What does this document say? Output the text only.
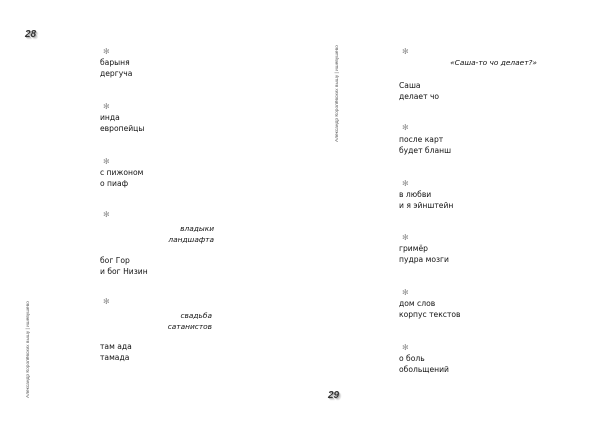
28
29
Александр Королёвских вышу | ишевушево
Александр Королёвских вышу | ишевушево
✻
барыня
дергуча
✻
инда
европейцы
✻
с пижоном
о пиаф
✻
владыки
ландшафта
бог Гор
и бог Низин
✻
свадьба
сатанистов
там ада
тамада
✻
«Саша-то чо делает?»
Саша
делает чо
✻
после карт
будет бланш
✻
в любви
и я эйнштейн
✻
гримёр
пудра мозги
✻
дом слов
корпус текстов
✻
о боль
обольщений
